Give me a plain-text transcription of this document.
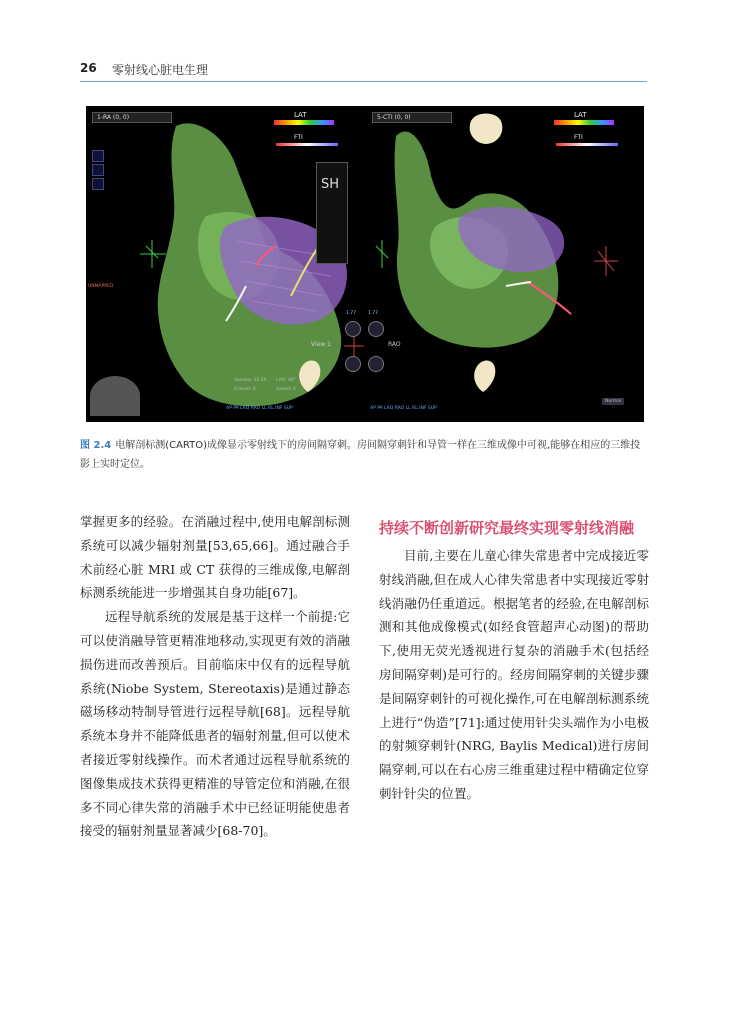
26 零射线心脏电生理
1-RA (0, 0)	LAT
FTI
SH
UNMAPPED
1.77
View 1
Volume: 30.26 LAO: 48°
Cranial: 0	Saved: 0
AP PA LAO RAO LL RL INF SUP
5-CTI (0, 0)	LAT
FTI
1.77
RAO
AP PA LAO RAO LL RL INF SUP
Normal
图 2.4 电解剖标测(CARTO)成像显示零射线下的房间隔穿刺。房间隔穿刺针和导管一样在三维成像中可视,能够在相应的三维投影上实时定位。

掌握更多的经验。在消融过程中,使用电解剖标测系统可以减少辐射剂量[53,65,66]。通过融合手术前经心脏 MRI 或 CT 获得的三维成像,电解剖标测系统能进一步增强其自身功能[67]。

远程导航系统的发展是基于这样一个前提:它可以使消融导管更精准地移动,实现更有效的消融损伤进而改善预后。目前临床中仅有的远程导航系统(Niobe System, Stereotaxis)是通过静态磁场移动特制导管进行远程导航[68]。远程导航系统本身并不能降低患者的辐射剂量,但可以使术者接近零射线操作。而术者通过远程导航系统的图像集成技术获得更精准的导管定位和消融,在很多不同心律失常的消融手术中已经证明能使患者接受的辐射剂量显著减少[68-70]。

持续不断创新研究最终实现零射线消融

目前,主要在儿童心律失常患者中完成接近零射线消融,但在成人心律失常患者中实现接近零射线消融仍任重道远。根据笔者的经验,在电解剖标测和其他成像模式(如经食管超声心动图)的帮助下,使用无荧光透视进行复杂的消融手术(包括经房间隔穿刺)是可行的。经房间隔穿刺的关键步骤是间隔穿刺针的可视化操作,可在电解剖标测系统上进行“伪造”[71]:通过使用针尖头端作为小电极的射频穿刺针(NRG, Baylis Medical)进行房间隔穿刺,可以在右心房三维重建过程中精确定位穿刺针针尖的位置。
